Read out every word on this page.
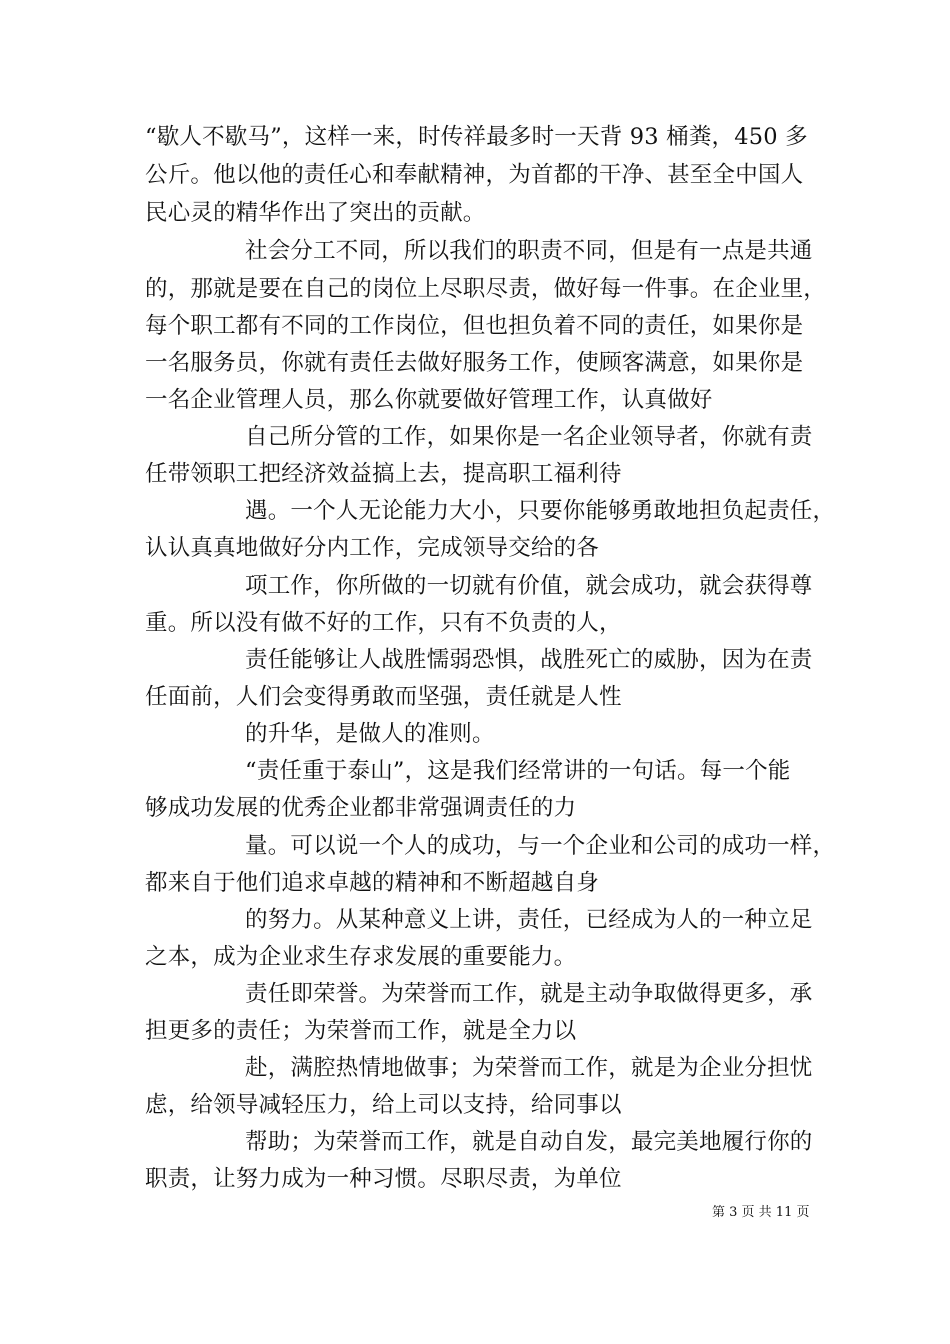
“歇人不歇马”，这样一来，时传祥最多时一天背 93 桶粪，450 多
公斤。他以他的责任心和奉献精神，为首都的干净、甚至全中国人
民心灵的精华作出了突出的贡献。
社会分工不同，所以我们的职责不同，但是有一点是共通
的，那就是要在自己的岗位上尽职尽责，做好每一件事。在企业里，
每个职工都有不同的工作岗位，但也担负着不同的责任，如果你是
一名服务员，你就有责任去做好服务工作，使顾客满意，如果你是
一名企业管理人员，那么你就要做好管理工作，认真做好
自己所分管的工作，如果你是一名企业领导者，你就有责
任带领职工把经济效益搞上去，提高职工福利待
遇。一个人无论能力大小，只要你能够勇敢地担负起责任，
认认真真地做好分内工作，完成领导交给的各
项工作，你所做的一切就有价值，就会成功，就会获得尊
重。所以没有做不好的工作，只有不负责的人，
责任能够让人战胜懦弱恐惧，战胜死亡的威胁，因为在责
任面前，人们会变得勇敢而坚强，责任就是人性
的升华，是做人的准则。
“责任重于泰山”，这是我们经常讲的一句话。每一个能
够成功发展的优秀企业都非常强调责任的力
量。可以说一个人的成功，与一个企业和公司的成功一样，
都来自于他们追求卓越的精神和不断超越自身
的努力。从某种意义上讲，责任，已经成为人的一种立足
之本，成为企业求生存求发展的重要能力。
责任即荣誉。为荣誉而工作，就是主动争取做得更多，承
担更多的责任；为荣誉而工作，就是全力以
赴，满腔热情地做事；为荣誉而工作，就是为企业分担忧
虑，给领导减轻压力，给上司以支持，给同事以
帮助；为荣誉而工作，就是自动自发，最完美地履行你的
职责，让努力成为一种习惯。尽职尽责，为单位
第 3 页 共 11 页
